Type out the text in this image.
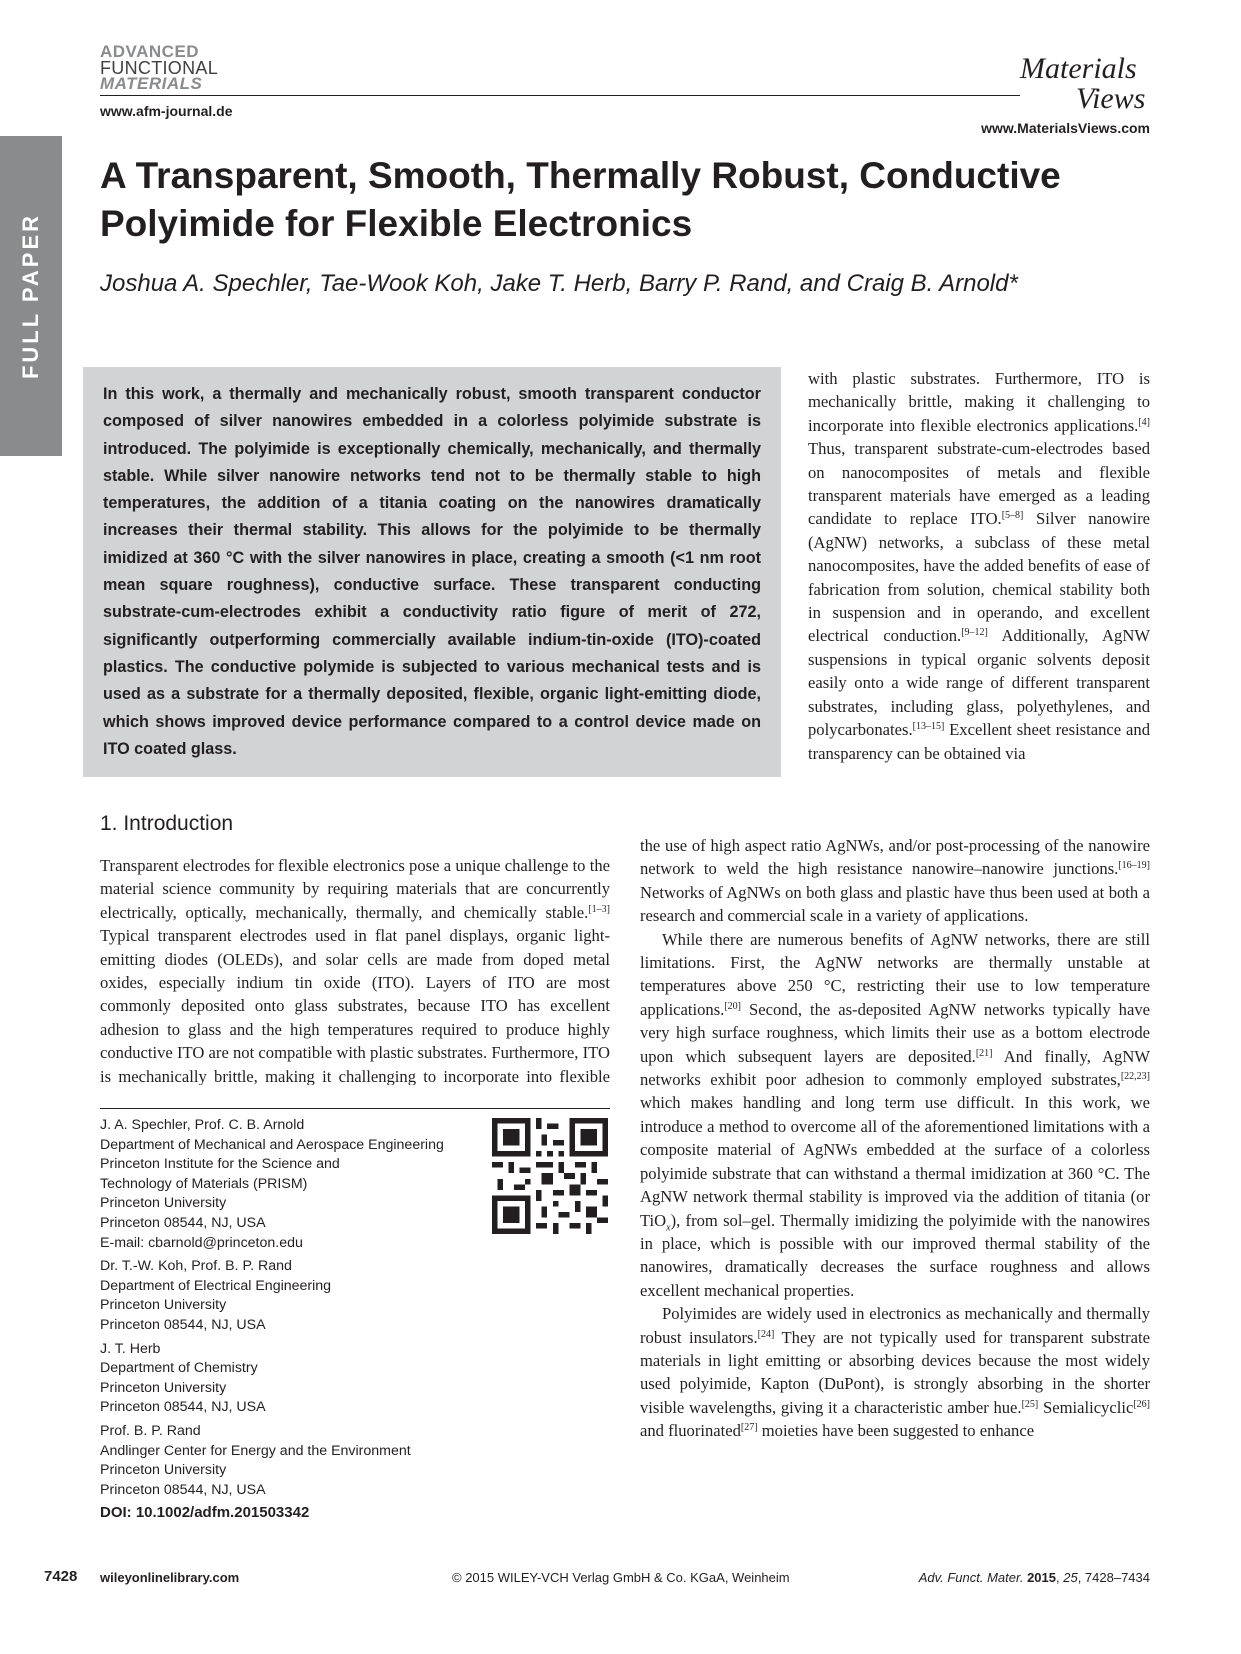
FULL PAPER
ADVANCED
FUNCTIONAL
MATERIALS
www.afm-journal.de
Materials
Views
www.MaterialsViews.com
A Transparent, Smooth, Thermally Robust, Conductive Polyimide for Flexible Electronics
Joshua A. Spechler, Tae-Wook Koh, Jake T. Herb, Barry P. Rand, and Craig B. Arnold*

In this work, a thermally and mechanically robust, smooth transparent conductor composed of silver nanowires embedded in a colorless polyimide substrate is introduced. The polyimide is exceptionally chemically, mechanically, and thermally stable. While silver nanowire networks tend not to be thermally stable to high temperatures, the addition of a titania coating on the nanowires dramatically increases their thermal stability. This allows for the polyimide to be thermally imidized at 360 °C with the silver nanowires in place, creating a smooth (<1 nm root mean square roughness), conductive surface. These transparent conducting substrate-cum-electrodes exhibit a conductivity ratio figure of merit of 272, significantly outperforming commercially available indium-tin-oxide (ITO)-coated plastics. The conductive polymide is subjected to various mechanical tests and is used as a substrate for a thermally deposited, flexible, organic light-emitting diode, which shows improved device performance compared to a control device made on ITO coated glass.

with plastic substrates. Furthermore, ITO is mechanically brittle, making it challenging to incorporate into flexible electronics applications.[4] Thus, transparent substrate-cum-electrodes based on nanocomposites of metals and flexible transparent materials have emerged as a leading candidate to replace ITO.[5–8] Silver nanowire (AgNW) networks, a subclass of these metal nanocomposites, have the added benefits of ease of fabrication from solution, chemical stability both in suspension and in operando, and excellent electrical conduction.[9–12] Additionally, AgNW suspensions in typical organic solvents deposit easily onto a wide range of different transparent substrates, including glass, polyethylenes, and polycarbonates.[13–15] Excellent sheet resistance and transparency can be obtained via

1. Introduction

Transparent electrodes for flexible electronics pose a unique challenge to the material science community by requiring materials that are concurrently electrically, optically, mechanically, thermally, and chemically stable.[1–3] Typical transparent electrodes used in flat panel displays, organic light-emitting diodes (OLEDs), and solar cells are made from doped metal oxides, especially indium tin oxide (ITO). Layers of ITO are most commonly deposited onto glass substrates, because ITO has excellent adhesion to glass and the high temperatures required to produce highly conductive ITO are not compatible with plastic substrates. Furthermore, ITO is mechanically brittle, making it challenging to incorporate into flexible

the use of high aspect ratio AgNWs, and/or post-processing of the nanowire network to weld the high resistance nanowire–nanowire junctions.[16–19] Networks of AgNWs on both glass and plastic have thus been used at both a research and commercial scale in a variety of applications.

While there are numerous benefits of AgNW networks, there are still limitations. First, the AgNW networks are thermally unstable at temperatures above 250 °C, restricting their use to low temperature applications.[20] Second, the as-deposited AgNW networks typically have very high surface roughness, which limits their use as a bottom electrode upon which subsequent layers are deposited.[21] And finally, AgNW networks exhibit poor adhesion to commonly employed substrates,[22,23] which makes handling and long term use difficult. In this work, we introduce a method to overcome all of the aforementioned limitations with a composite material of AgNWs embedded at the surface of a colorless polyimide substrate that can withstand a thermal imidization at 360 °C. The AgNW network thermal stability is improved via the addition of titania (or TiO$_x$), from sol–gel. Thermally imidizing the polyimide with the nanowires in place, which is possible with our improved thermal stability of the nanowires, dramatically decreases the surface roughness and allows excellent mechanical properties.

Polyimides are widely used in electronics as mechanically and thermally robust insulators.[24] They are not typically used for transparent substrate materials in light emitting or absorbing devices because the most widely used polyimide, Kapton (DuPont), is strongly absorbing in the shorter visible wavelengths, giving it a characteristic amber hue.[25] Semialicyclic[26] and fluorinated[27] moieties have been suggested to enhance

J. A. Spechler, Prof. C. B. Arnold
Department of Mechanical and Aerospace Engineering
Princeton Institute for the Science and
Technology of Materials (PRISM)
Princeton University
Princeton 08544, NJ, USA
E-mail: cbarnold@princeton.edu
Dr. T.-W. Koh, Prof. B. P. Rand
Department of Electrical Engineering
Princeton University
Princeton 08544, NJ, USA
J. T. Herb
Department of Chemistry
Princeton University
Princeton 08544, NJ, USA
Prof. B. P. Rand
Andlinger Center for Energy and the Environment
Princeton University
Princeton 08544, NJ, USA
DOI: 10.1002/adfm.201503342
7428 wileyonlinelibrary.com	© 2015 WILEY-VCH Verlag GmbH & Co. KGaA, Weinheim	Adv. Funct. Mater. 2015, 25, 7428–7434
